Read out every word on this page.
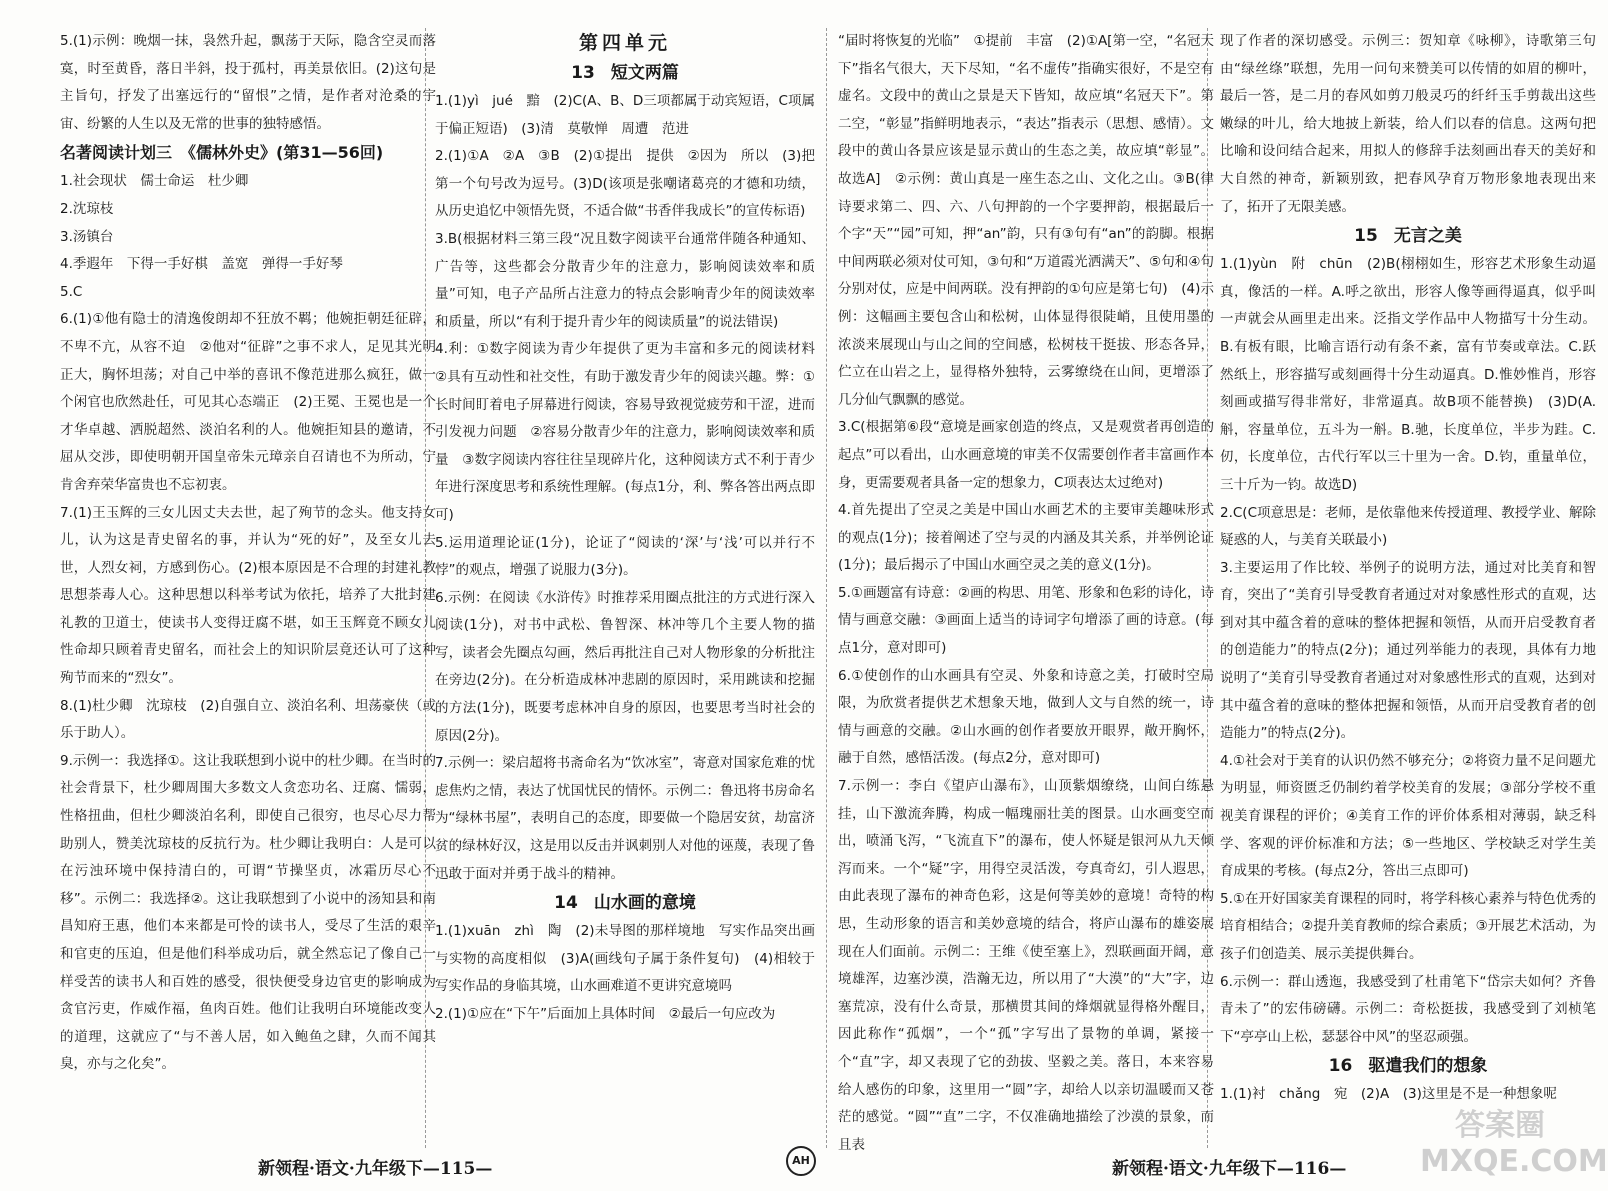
5.(1)示例：晚烟一抹，袅然升起，飘荡于天际，隐含空灵而落寞，时至黄昏，落日半斜，投于孤村，再美景依旧。(2)这句是主旨句，抒发了出塞远行的“留恨”之情，是作者对沧桑的宇宙、纷繁的人生以及无常的世事的独特感悟。

名著阅读计划三　《儒林外史》(第31—56回)

1.社会现状　儒士命运　杜少卿

2.沈琼枝

3.汤镇台

4.季遐年　下得一手好棋　盖宽　弹得一手好琴

5.C

6.(1)①他有隐士的清逸俊朗却不狂放不羁；他婉拒朝廷征辟，不卑不亢，从容不迫　②他对“征辟”之事不求人，足见其光明正大，胸怀坦荡；对自己中举的喜讯不像范进那么疯狂，做一个闲官也欣然赴任，可见其心态端正　(2)王冕、王冕也是一个才华卓越、洒脱超然、淡泊名利的人。他婉拒知县的邀请，不屈从交涉，即使明朝开国皇帝朱元璋亲自召请也不为所动，宁肯舍弃荣华富贵也不忘初衷。

7.(1)王玉辉的三女儿因丈夫去世，起了殉节的念头。他支持女儿，认为这是青史留名的事，并认为“死的好”，及至女儿去世，人烈女祠，方感到伤心。(2)根本原因是不合理的封建礼教思想荼毒人心。这种思想以科举考试为依托，培养了大批封建礼教的卫道士，使读书人变得迂腐不堪，如王玉辉竟不顾女儿性命却只顾着青史留名，而社会上的知识阶层竟还认可了这种殉节而来的“烈女”。

8.(1)杜少卿　沈琼枝　(2)自强自立、淡泊名利、坦荡豪侠（或乐于助人）。

9.示例一：我选择①。这让我联想到小说中的杜少卿。在当时的社会背景下，杜少卿周围大多数文人贪恋功名、迂腐、懦弱，性格扭曲，但杜少卿淡泊名利，即使自己很穷，也尽心尽力帮助别人，赞美沈琼枝的反抗行为。杜少卿让我明白：人是可以在污浊环境中保持清白的，可谓“节操坚贞，冰霜历尽心不移”。示例二：我选择②。这让我联想到了小说中的汤知县和南昌知府王惠，他们本来都是可怜的读书人，受尽了生活的艰辛和官吏的压迫，但是他们科举成功后，就全然忘记了像自己一样受苦的读书人和百姓的感受，很快便受身边官吏的影响成为贪官污吏，作威作福，鱼肉百姓。他们让我明白环境能改变人的道理，这就应了“与不善人居，如入鲍鱼之肆，久而不闻其臭，亦与之化矣”。

第四单元
13 短文两篇

1.(1)yì　jué　黯　(2)C(A、B、D三项都属于动宾短语，C项属于偏正短语)　(3)清　莫敬惮　周遭　范进

2.(1)①A　②A　③B　(2)①提出　提供　②因为　所以　(3)把第一个句号改为逗号。(3)D(该项是张嘲诸葛亮的才德和功绩，从历史追忆中领悟先贤，不适合做“书香伴我成长”的宣传标语)

3.B(根据材料三第三段“况且数字阅读平台通常伴随各种通知、广告等，这些都会分散青少年的注意力，影响阅读效率和质量”可知，电子产品所占注意力的特点会影响青少年的阅读效率和质量，所以“有利于提升青少年的阅读质量”的说法错误)

4.利：①数字阅读为青少年提供了更为丰富和多元的阅读材料　②具有互动性和社交性，有助于激发青少年的阅读兴趣。弊：①长时间盯着电子屏幕进行阅读，容易导致视觉疲劳和干涩，进而引发视力问题　②容易分散青少年的注意力，影响阅读效率和质量　③数字阅读内容往往呈现碎片化，这种阅读方式不利于青少年进行深度思考和系统性理解。(每点1分，利、弊各答出两点即可)

5.运用道理论证(1分)，论证了“阅读的‘深’与‘浅’可以并行不悖”的观点，增强了说服力(3分)。

6.示例：在阅读《水浒传》时推荐采用圈点批注的方式进行深入阅读(1分)，对书中武松、鲁智深、林冲等几个主要人物的描写，读者会先圈点勾画，然后再批注自己对人物形象的分析批注在旁边(2分)。在分析造成林冲悲剧的原因时，采用跳读和挖掘的方法(1分)，既要考虑林冲自身的原因，也要思考当时社会的原因(2分)。

7.示例一：梁启超将书斋命名为“饮冰室”，寄意对国家危难的忧虑焦灼之情，表达了忧国忧民的情怀。示例二：鲁迅将书房命名为“绿林书屋”，表明自己的态度，即要做一个隐居安贫，劫富济贫的绿林好汉，这是用以反击并讽刺别人对他的诬蔑，表现了鲁迅敢于面对并勇于战斗的精神。

14 山水画的意境

1.(1)xuān　zhì　陶　(2)未导图的那样境地　写实作品突出画与实物的高度相似　(3)A(画线句子属于条件复句)　(4)相较于写实作品的身临其境，山水画难道不更讲究意境吗

2.(1)①应在“下午”后面加上具体时间　②最后一句应改为

“届时将恢复的光临”　①提前　丰富　(2)①A[第一空，“名冠天下”指名气很大，天下尽知，“名不虚传”指确实很好，不是空有虚名。文段中的黄山之景是天下皆知，故应填“名冠天下”。第二空，“彰显”指鲜明地表示，“表达”指表示（思想、感情）。文段中的黄山各景应该是显示黄山的生态之美，故应填“彰显”。故选A]　②示例：黄山真是一座生态之山、文化之山。③B(律诗要求第二、四、六、八句押韵的一个字要押韵，根据最后一个字“天”“园”可知，押“an”韵，只有③句有“an”的韵脚。根据中间两联必须对仗可知，③句和“万道霞光洒满天”、⑤句和④句分别对仗，应是中间两联。没有押韵的①句应是第七句)　(4)示例：这幅画主要包含山和松树，山体显得很陡峭，且使用墨的浓淡来展现山与山之间的空间感，松树枝干挺拔、形态各异，伫立在山岩之上，显得格外独特，云雾缭绕在山间，更增添了几分仙气飘飘的感觉。

3.C(根据第⑥段“意境是画家创造的终点，又是观赏者再创造的起点”可以看出，山水画意境的审美不仅需要创作者丰富画作本身，更需要观者具备一定的想象力，C项表达太过绝对)

4.首先提出了空灵之美是中国山水画艺术的主要审美趣味形式的观点(1分)；接着阐述了空与灵的内涵及其关系，并举例论证(1分)；最后揭示了中国山水画空灵之美的意义(1分)。

5.①画题富有诗意：②画的构思、用笔、形象和色彩的诗化，诗情与画意交融：③画面上适当的诗词字句增添了画的诗意。(每点1分，意对即可)

6.①使创作的山水画具有空灵、外象和诗意之美，打破时空局限，为欣赏者提供艺术想象天地，做到人文与自然的统一，诗情与画意的交融。②山水画的创作者要放开眼界，敞开胸怀，融于自然，感悟活泼。(每点2分，意对即可)

7.示例一：李白《望庐山瀑布》，山顶紫烟缭绕，山间白练悬挂，山下激流奔腾，构成一幅瑰丽壮美的图景。山水画变空而出，喷涌飞泻，“飞流直下”的瀑布，使人怀疑是银河从九天倾泻而来。一个“疑”字，用得空灵活泼，夸真奇幻，引人遐思，由此表现了瀑布的神奇色彩，这是何等美妙的意境！奇特的构思，生动形象的语言和美妙意境的结合，将庐山瀑布的雄姿展现在人们面前。示例二：王维《使至塞上》，烈联画面开阔，意境雄浑，边塞沙漠，浩瀚无边，所以用了“大漠”的“大”字，边塞荒凉，没有什么奇景，那横贯其间的烽烟就显得格外醒目，因此称作“孤烟”，一个“孤”字写出了景物的单调，紧接一个“直”字，却又表现了它的劲拔、坚毅之美。落日，本来容易给人感伤的印象，这里用一“圆”字，却给人以亲切温暖而又苍茫的感觉。“圆”“直”二字，不仅准确地描绘了沙漠的景象，而且表

现了作者的深切感受。示例三：贺知章《咏柳》，诗歌第三句由“绿丝绦”联想，先用一问句来赞美可以传情的如眉的柳叶，最后一答，是二月的春风如剪刀般灵巧的纤纤玉手剪裁出这些嫩绿的叶儿，给大地披上新装，给人们以春的信息。这两句把比喻和设问结合起来，用拟人的修辞手法刻画出春天的美好和大自然的神奇，新颖别致，把春风孕育万物形象地表现出来了，拓开了无限美感。

15 无言之美

1.(1)yùn　附　chūn　(2)B(栩栩如生，形容艺术形象生动逼真，像活的一样。A.呼之欲出，形容人像等画得逼真，似乎叫一声就会从画里走出来。泛指文学作品中人物描写十分生动。B.有板有眼，比喻言语行动有条不紊，富有节奏或章法。C.跃然纸上，形容描写或刻画得十分生动逼真。D.惟妙惟肖，形容刻画或描写得非常好，非常逼真。故B项不能替换)　(3)D(A.斛，容量单位，五斗为一斛。B.驰，长度单位，半步为跬。C.仞，长度单位，古代行军以三十里为一舍。D.钧，重量单位，三十斤为一钧。故选D)

2.C(C项意思是：老师，是依靠他来传授道理、教授学业、解除疑惑的人，与美育关联最小)

3.主要运用了作比较、举例子的说明方法，通过对比美育和智育，突出了“美育引导受教育者通过对对象感性形式的直观，达到对其中蕴含着的意味的整体把握和领悟，从而开启受教育者的创造能力”的特点(2分)；通过列举能力的表现，具体有力地说明了“美育引导受教育者通过对对象感性形式的直观，达到对其中蕴含着的意味的整体把握和领悟，从而开启受教育者的创造能力”的特点(2分)。

4.①社会对于美育的认识仍然不够充分；②将资力量不足问题尤为明显，师资匮乏仍制约着学校美育的发展；③部分学校不重视美育课程的评价；④美育工作的评价体系相对薄弱，缺乏科学、客观的评价标准和方法；⑤一些地区、学校缺乏对学生美育成果的考核。(每点2分，答出三点即可)

5.①在开好国家美育课程的同时，将学科核心素养与特色优秀的培育相结合；②提升美育教师的综合素质；③开展艺术活动，为孩子们创造美、展示美提供舞台。

6.示例一：群山透迤，我感受到了杜甫笔下“岱宗夫如何？齐鲁青未了”的宏伟磅礴。示例二：奇松挺拔，我感受到了刘桢笔下“亭亭山上松，瑟瑟谷中风”的坚忍顽强。

16 驱遣我们的想象

1.(1)衬　chǎng　宛　(2)A　(3)这里是不是一种想象呢

新领程·语文·九年级下—115—	AH	新领程·语文·九年级下—116—
答案圈 MXQE.COM
